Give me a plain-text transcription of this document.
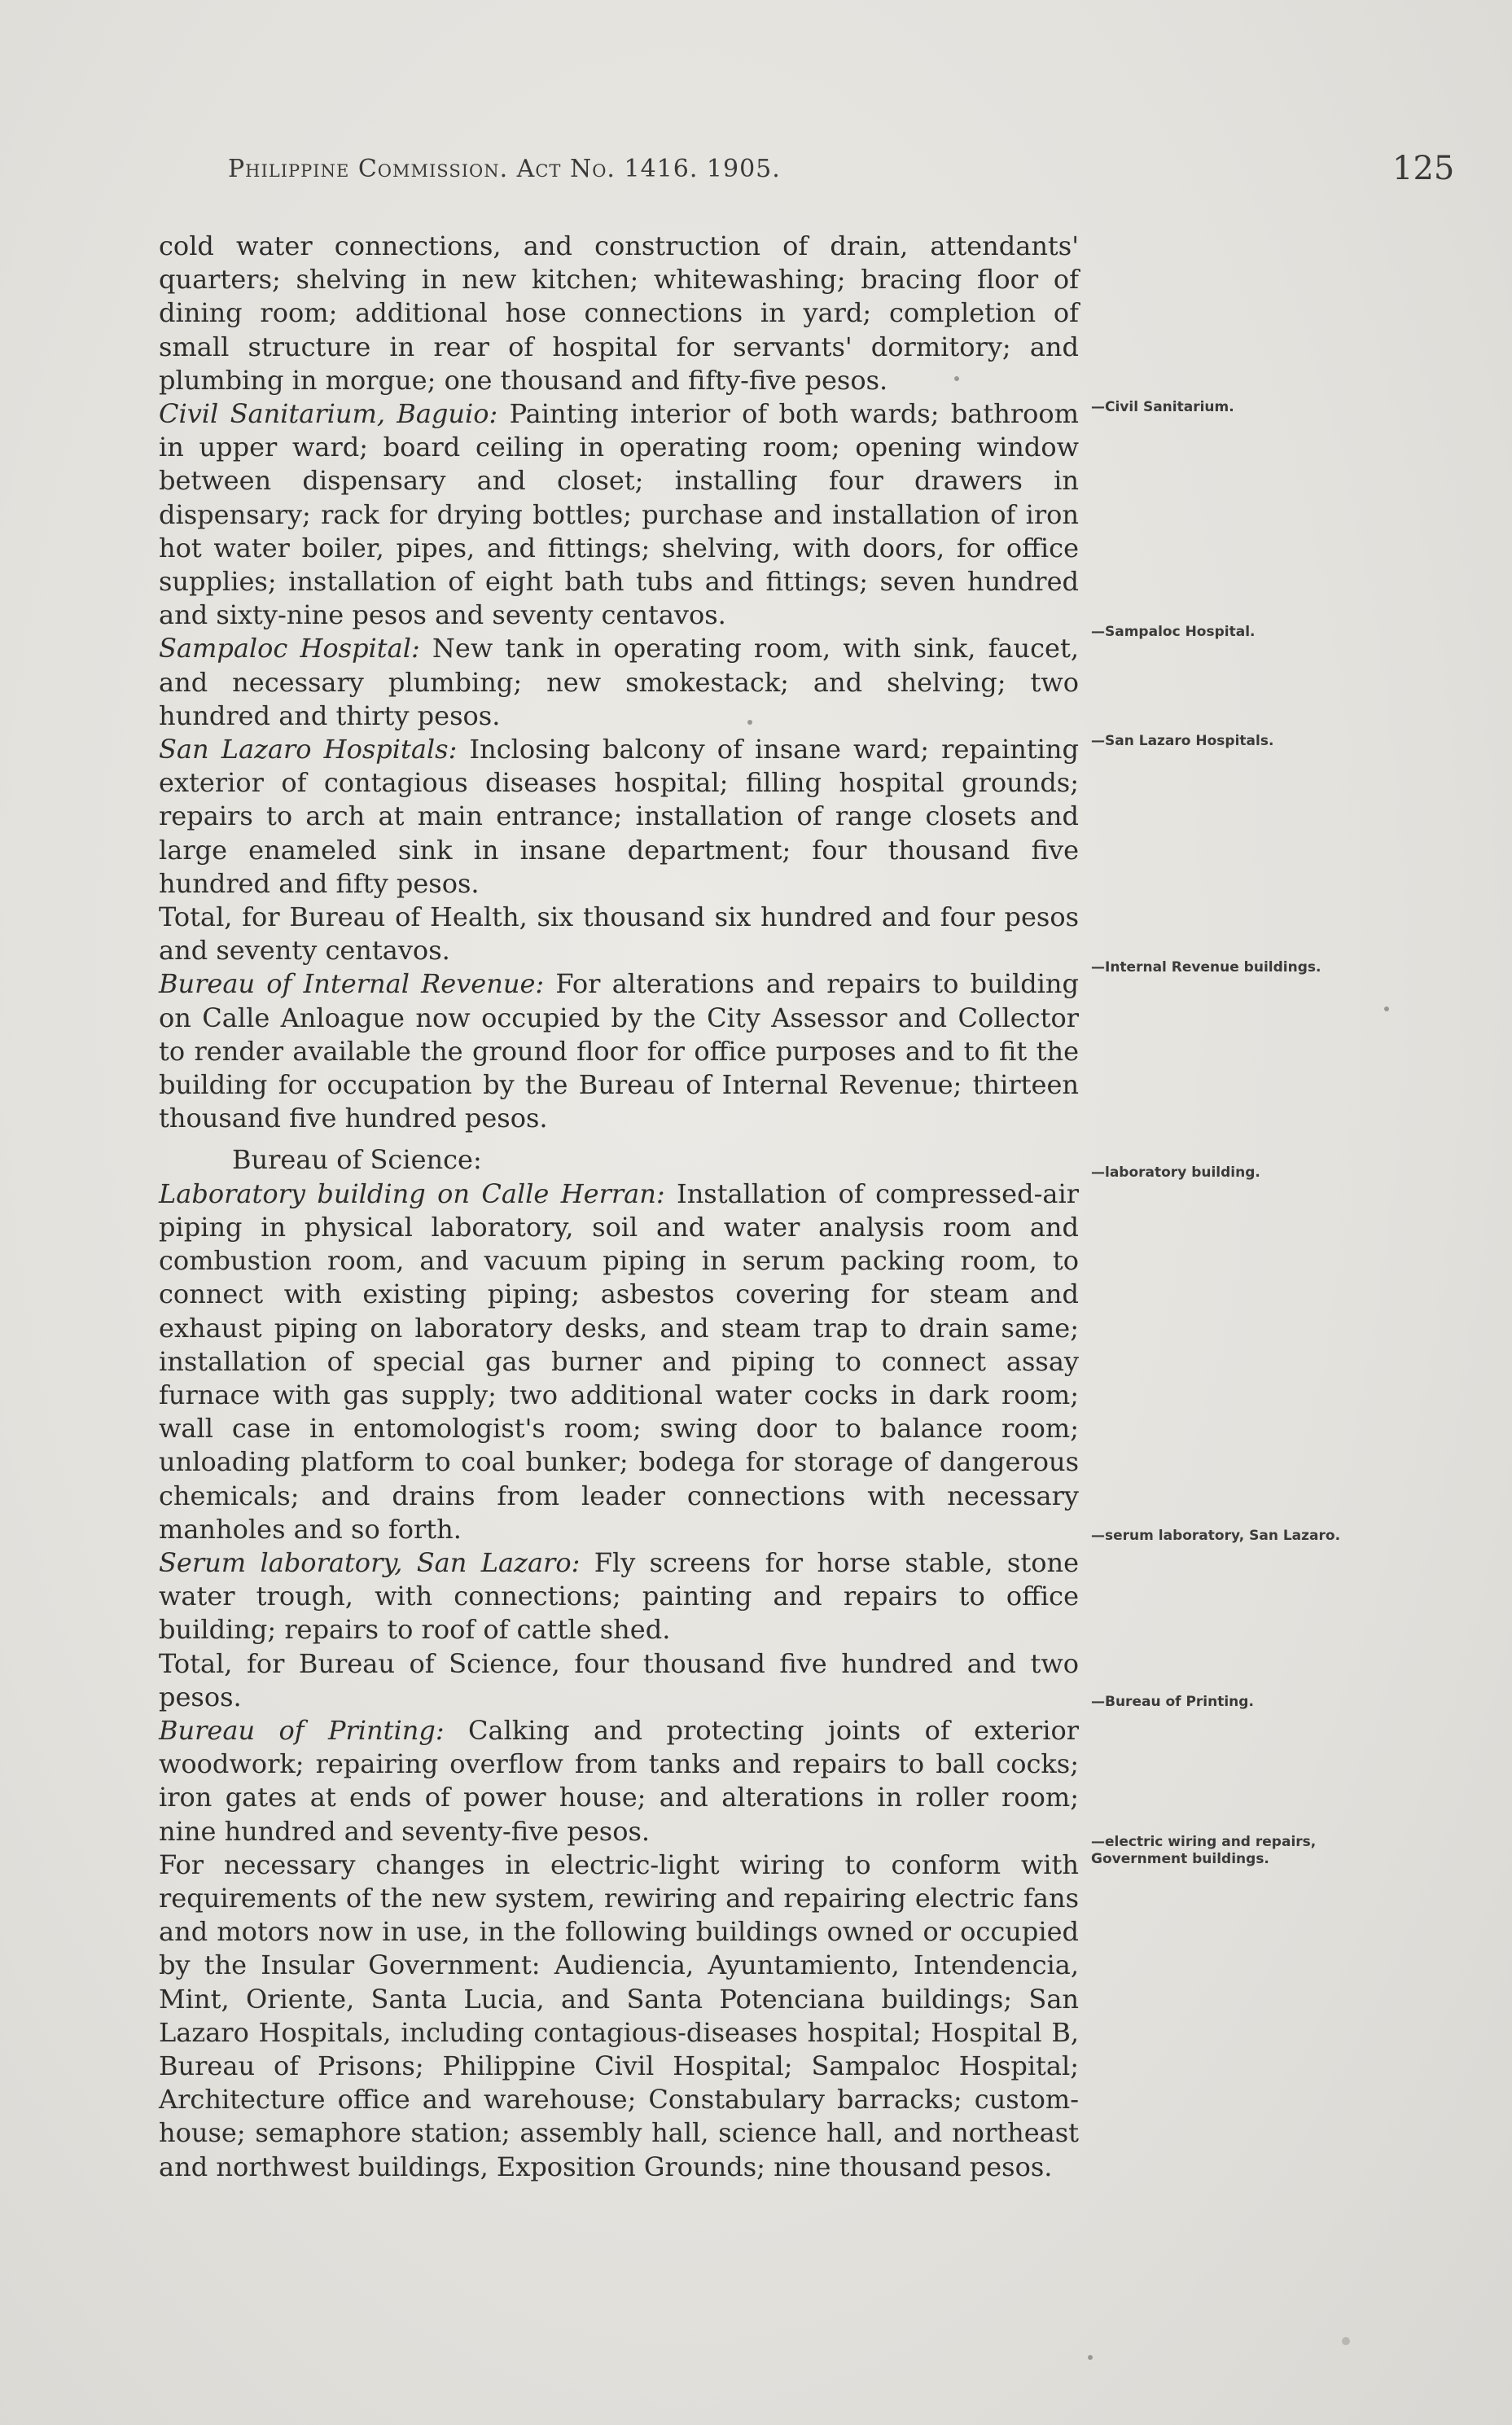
Philippine Commission. Act No. 1416. 1905.	125

cold water connections, and construction of drain, attendants' quarters; shelving in new kitchen; whitewashing; bracing floor of dining room; additional hose connections in yard; completion of small structure in rear of hospital for servants' dormitory; and plumbing in morgue; one thousand and fifty-five pesos.

Civil Sanitarium, Baguio: Painting interior of both wards; bathroom in upper ward; board ceiling in operating room; opening window between dispensary and closet; installing four drawers in dispensary; rack for drying bottles; purchase and installation of iron hot water boiler, pipes, and fittings; shelving, with doors, for office supplies; installation of eight bath tubs and fittings; seven hundred and sixty-nine pesos and seventy centavos.

Sampaloc Hospital: New tank in operating room, with sink, faucet, and necessary plumbing; new smokestack; and shelving; two hundred and thirty pesos.

San Lazaro Hospitals: Inclosing balcony of insane ward; repainting exterior of contagious diseases hospital; filling hospital grounds; repairs to arch at main entrance; installation of range closets and large enameled sink in insane department; four thousand five hundred and fifty pesos.

Total, for Bureau of Health, six thousand six hundred and four pesos and seventy centavos.

Bureau of Internal Revenue: For alterations and repairs to building on Calle Anloague now occupied by the City Assessor and Collector to render available the ground floor for office purposes and to fit the building for occupation by the Bureau of Internal Revenue; thirteen thousand five hundred pesos.

Bureau of Science:

Laboratory building on Calle Herran: Installation of compressed-air piping in physical laboratory, soil and water analysis room and combustion room, and vacuum piping in serum packing room, to connect with existing piping; asbestos covering for steam and exhaust piping on laboratory desks, and steam trap to drain same; installation of special gas burner and piping to connect assay furnace with gas supply; two additional water cocks in dark room; wall case in entomologist's room; swing door to balance room; unloading platform to coal bunker; bodega for storage of dangerous chemicals; and drains from leader connections with necessary manholes and so forth.

Serum laboratory, San Lazaro: Fly screens for horse stable, stone water trough, with connections; painting and repairs to office building; repairs to roof of cattle shed.

Total, for Bureau of Science, four thousand five hundred and two pesos.

Bureau of Printing: Calking and protecting joints of exterior woodwork; repairing overflow from tanks and repairs to ball cocks; iron gates at ends of power house; and alterations in roller room; nine hundred and seventy-five pesos.

For necessary changes in electric-light wiring to conform with requirements of the new system, rewiring and repairing electric fans and motors now in use, in the following buildings owned or occupied by the Insular Government: Audiencia, Ayuntamiento, Intendencia, Mint, Oriente, Santa Lucia, and Santa Potenciana buildings; San Lazaro Hospitals, including contagious-diseases hospital; Hospital B, Bureau of Prisons; Philippine Civil Hospital; Sampaloc Hospital; Architecture office and warehouse; Constabulary barracks; custom-house; semaphore station; assembly hall, science hall, and northeast and northwest buildings, Exposition Grounds; nine thousand pesos.

—Civil Sanitarium.
—Sampaloc Hospital.
—San Lazaro Hospitals.
—Internal Revenue buildings.
—laboratory building.
—serum laboratory, San Lazaro.
—Bureau of Printing.
—electric wiring and repairs, Government buildings.
